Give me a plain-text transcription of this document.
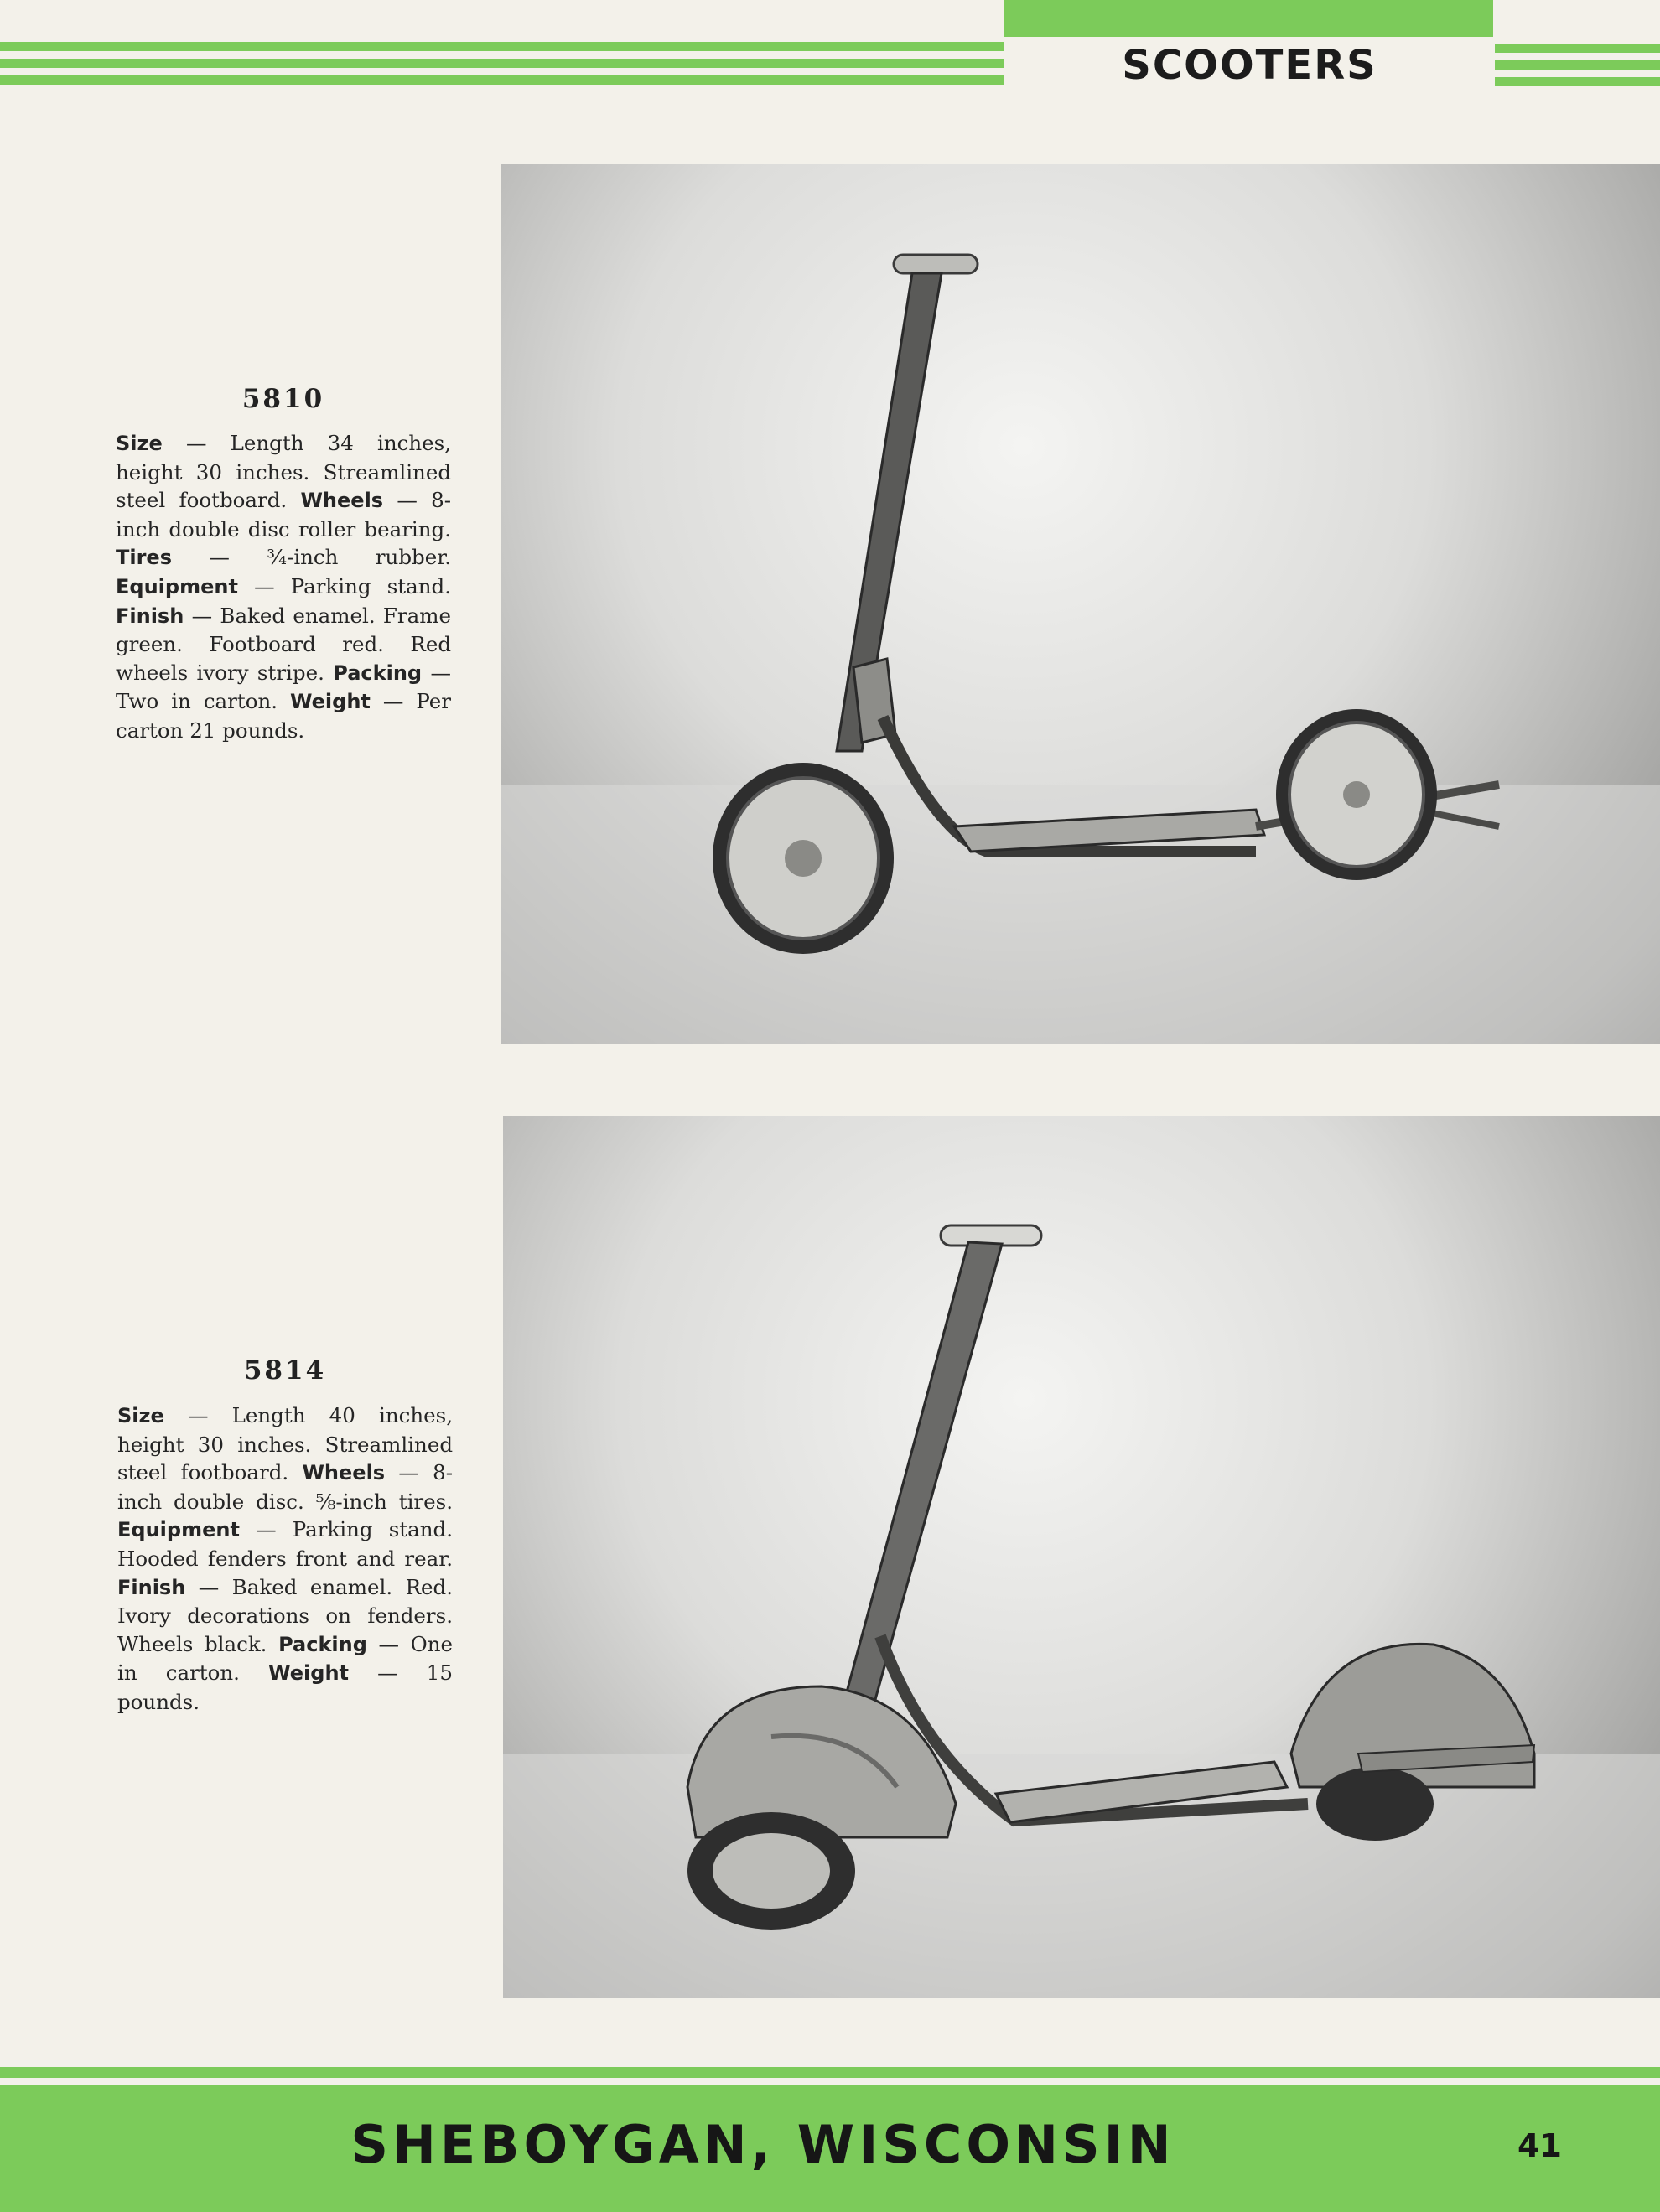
SCOOTERS
5810
Size — Length 34 inches, height 30 inches. Streamlined steel footboard. Wheels — 8-inch double disc roller bearing. Tires — ¾-inch rubber. Equipment — Parking stand. Finish — Baked enamel. Frame green. Footboard red. Red wheels ivory stripe. Packing — Two in carton. Weight — Per carton 21 pounds.
5814
Size — Length 40 inches, height 30 inches. Streamlined steel footboard. Wheels — 8-inch double disc. ⅝-inch tires. Equipment — Parking stand. Hooded fenders front and rear. Finish — Baked enamel. Red. Ivory decorations on fenders. Wheels black. Packing — One in carton. Weight — 15 pounds.
SHEBOYGAN, WISCONSIN	41
